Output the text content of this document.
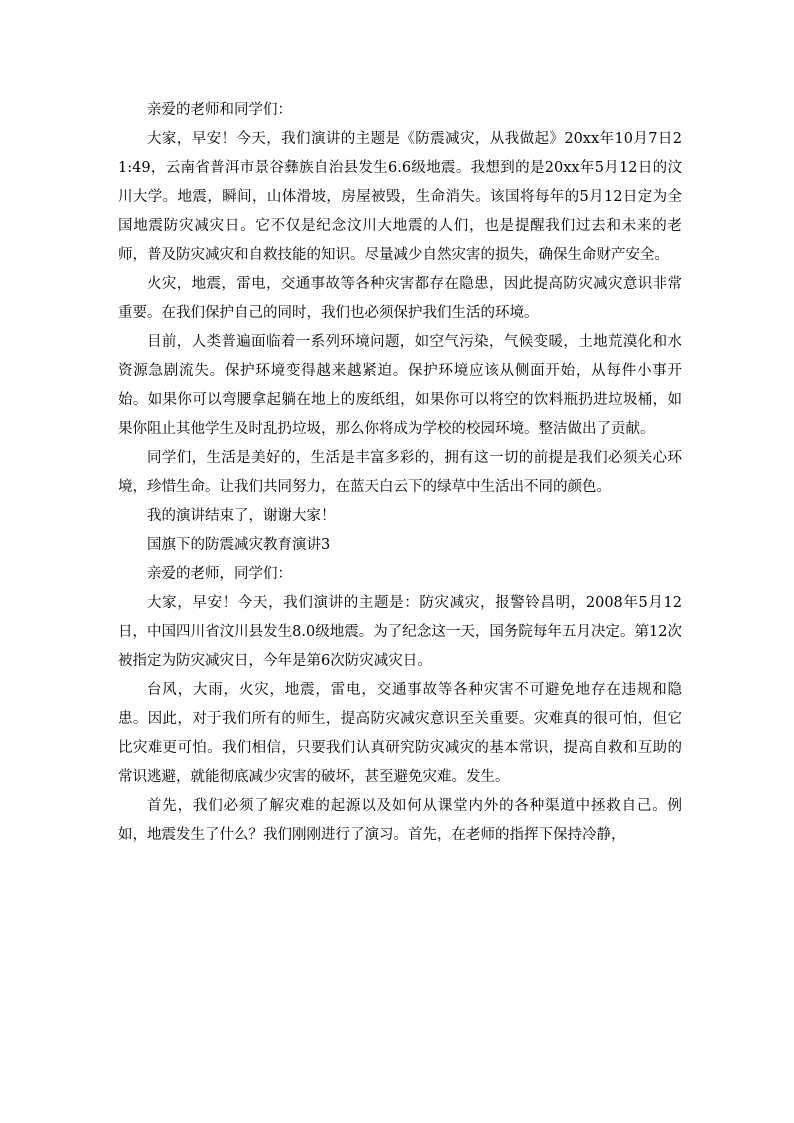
亲爱的老师和同学们：

大家，早安！今天，我们演讲的主题是《防震减灾，从我做起》20xx年10月7日21:49，云南省普洱市景谷彝族自治县发生6.6级地震。我想到的是20xx年5月12日的汶川大学。地震，瞬间，山体滑坡，房屋被毁，生命消失。该国将每年的5月12日定为全国地震防灾减灾日。它不仅是纪念汶川大地震的人们，也是提醒我们过去和未来的老师，普及防灾减灾和自救技能的知识。尽量减少自然灾害的损失，确保生命财产安全。

火灾，地震，雷电，交通事故等各种灾害都存在隐患，因此提高防灾减灾意识非常重要。在我们保护自己的同时，我们也必须保护我们生活的环境。

目前，人类普遍面临着一系列环境问题，如空气污染，气候变暖，土地荒漠化和水资源急剧流失。保护环境变得越来越紧迫。保护环境应该从侧面开始，从每件小事开始。如果你可以弯腰拿起躺在地上的废纸组，如果你可以将空的饮料瓶扔进垃圾桶，如果你阻止其他学生及时乱扔垃圾，那么你将成为学校的校园环境。整洁做出了贡献。

同学们，生活是美好的，生活是丰富多彩的，拥有这一切的前提是我们必须关心环境，珍惜生命。让我们共同努力，在蓝天白云下的绿草中生活出不同的颜色。

我的演讲结束了，谢谢大家！

国旗下的防震减灾教育演讲3

亲爱的老师，同学们：

大家，早安！今天，我们演讲的主题是：防灾减灾，报警铃昌明，2008年5月12日，中国四川省汶川县发生8.0级地震。为了纪念这一天，国务院每年五月决定。第12次被指定为防灾减灾日，今年是第6次防灾减灾日。

台风，大雨，火灾，地震，雷电，交通事故等各种灾害不可避免地存在违规和隐患。因此，对于我们所有的师生，提高防灾减灾意识至关重要。灾难真的很可怕，但它比灾难更可怕。我们相信，只要我们认真研究防灾减灾的基本常识，提高自救和互助的常识逃避，就能彻底减少灾害的破坏，甚至避免灾难。发生。

首先，我们必须了解灾难的起源以及如何从课堂内外的各种渠道中拯救自己。例如，地震发生了什么？我们刚刚进行了演习。首先，在老师的指挥下保持冷静，
